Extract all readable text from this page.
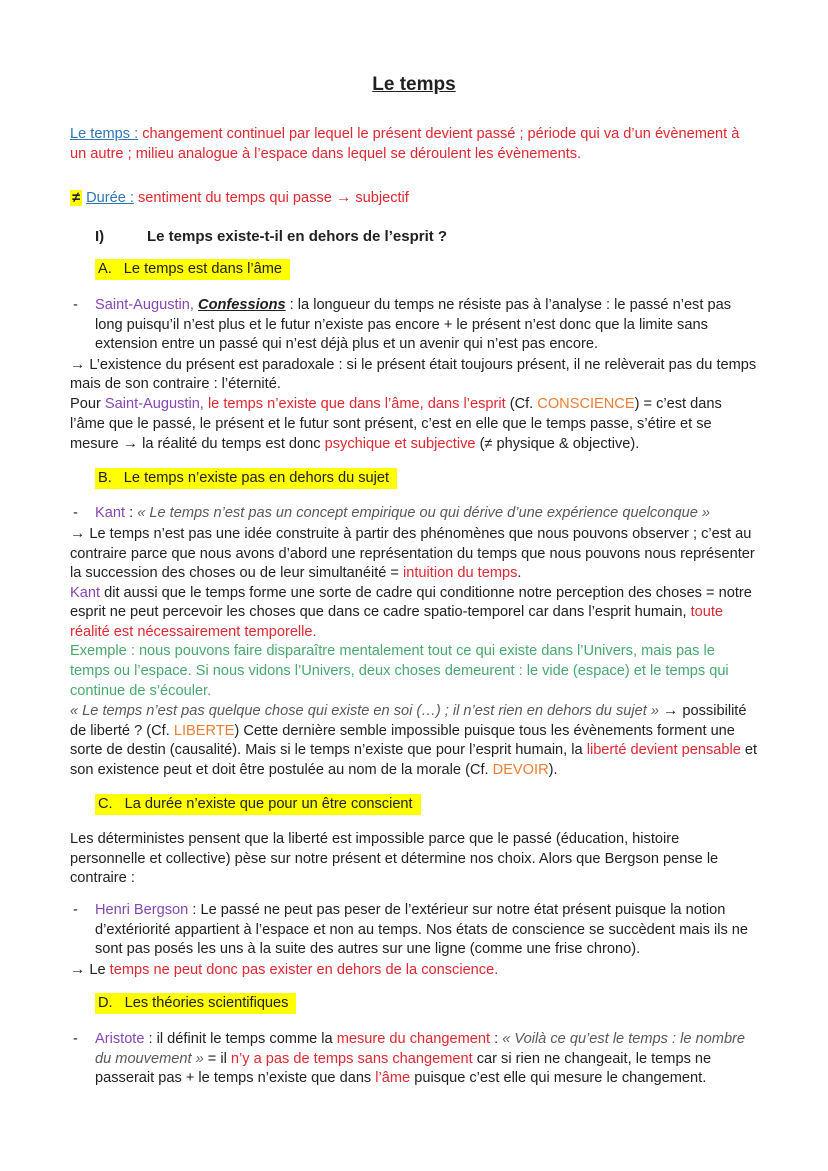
Le temps

Le temps : changement continuel par lequel le présent devient passé ; période qui va d’un évènement à un autre ; milieu analogue à l’espace dans lequel se déroulent les évènements.

≠ Durée : sentiment du temps qui passe → subjectif

I)	Le temps existe-t-il en dehors de l’esprit ?
A. Le temps est dans l’âme
- Saint-Augustin, Confessions : la longueur du temps ne résiste pas à l’analyse : le passé n’est pas long puisqu’il n’est plus et le futur n’existe pas encore + le présent n’est donc que la limite sans extension entre un passé qui n’est déjà plus et un avenir qui n’est pas encore.

→ L’existence du présent est paradoxale : si le présent était toujours présent, il ne relèverait pas du temps mais de son contraire : l’éternité.

Pour Saint-Augustin, le temps n’existe que dans l’âme, dans l’esprit (Cf. CONSCIENCE) = c’est dans l’âme que le passé, le présent et le futur sont présent, c’est en elle que le temps passe, s’étire et se mesure → la réalité du temps est donc psychique et subjective (≠ physique & objective).

B. Le temps n’existe pas en dehors du sujet
- Kant : « Le temps n’est pas un concept empirique ou qui dérive d’une expérience quelconque »

→ Le temps n’est pas une idée construite à partir des phénomènes que nous pouvons observer ; c’est au contraire parce que nous avons d’abord une représentation du temps que nous pouvons nous représenter la succession des choses ou de leur simultanéité = intuition du temps.

Kant dit aussi que le temps forme une sorte de cadre qui conditionne notre perception des choses = notre esprit ne peut percevoir les choses que dans ce cadre spatio-temporel car dans l’esprit humain, toute réalité est nécessairement temporelle.

Exemple : nous pouvons faire disparaître mentalement tout ce qui existe dans l’Univers, mais pas le temps ou l’espace. Si nous vidons l’Univers, deux choses demeurent : le vide (espace) et le temps qui continue de s’écouler.

« Le temps n’est pas quelque chose qui existe en soi (…) ; il n’est rien en dehors du sujet » → possibilité de liberté ? (Cf. LIBERTE) Cette dernière semble impossible puisque tous les évènements forment une sorte de destin (causalité). Mais si le temps n’existe que pour l’esprit humain, la liberté devient pensable et son existence peut et doit être postulée au nom de la morale (Cf. DEVOIR).

C. La durée n’existe que pour un être conscient

Les déterministes pensent que la liberté est impossible parce que le passé (éducation, histoire personnelle et collective) pèse sur notre présent et détermine nos choix. Alors que Bergson pense le contraire :

- Henri Bergson : Le passé ne peut pas peser de l’extérieur sur notre état présent puisque la notion d’extériorité appartient à l’espace et non au temps. Nos états de conscience se succèdent mais ils ne sont pas posés les uns à la suite des autres sur une ligne (comme une frise chrono).

→ Le temps ne peut donc pas exister en dehors de la conscience.

D. Les théories scientifiques
- Aristote : il définit le temps comme la mesure du changement : « Voilà ce qu’est le temps : le nombre du mouvement » = il n’y a pas de temps sans changement car si rien ne changeait, le temps ne passerait pas + le temps n’existe que dans l’âme puisque c’est elle qui mesure le changement.
